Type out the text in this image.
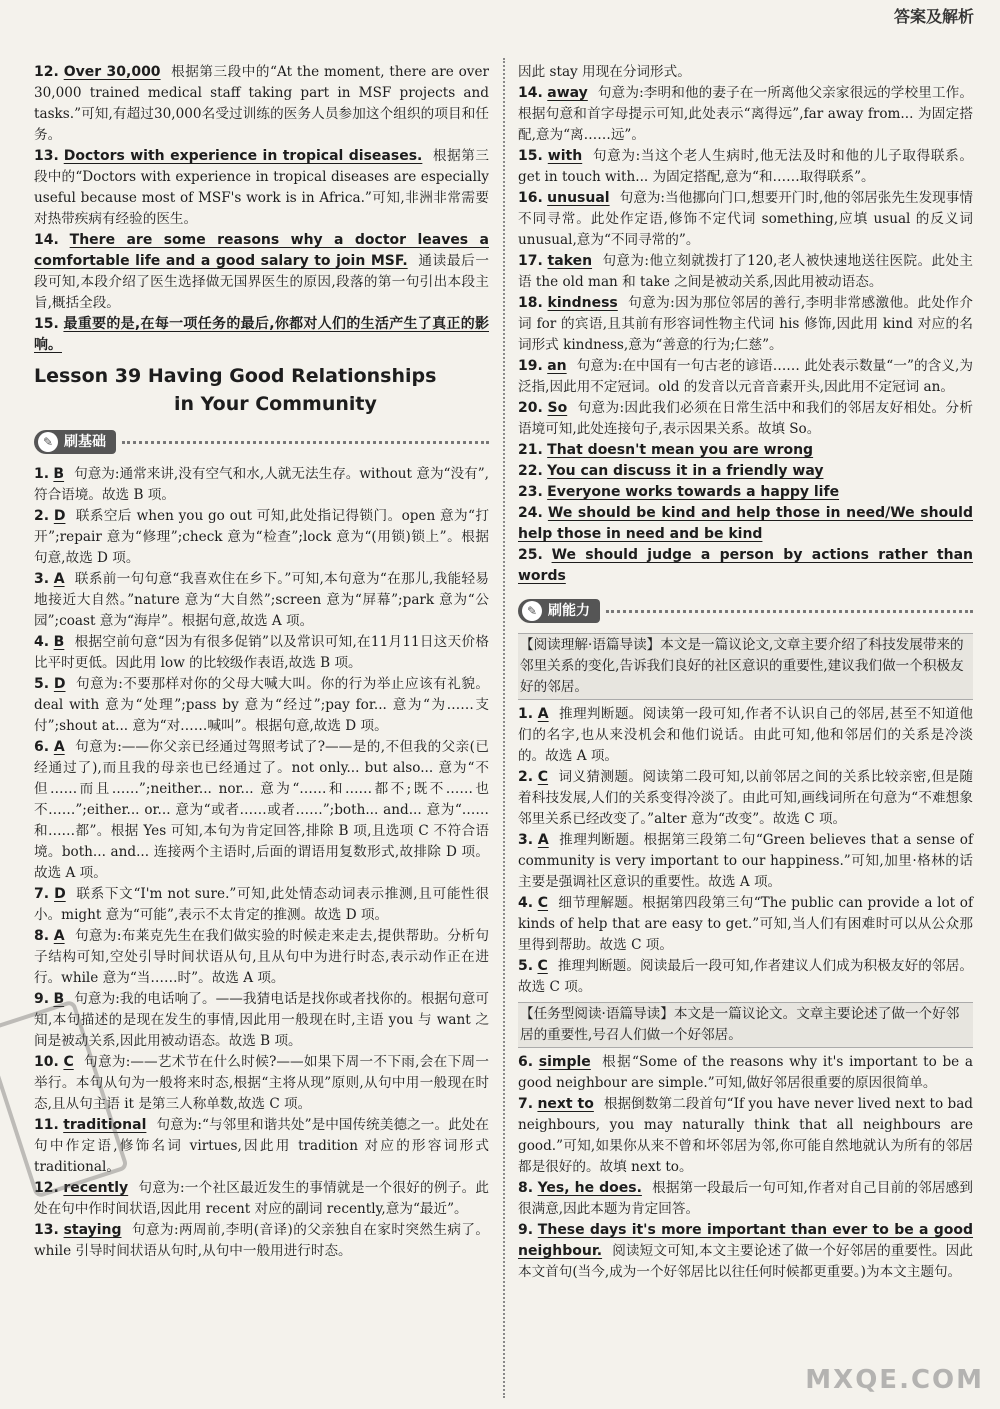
答案及解析
12. Over 30,000 根据第三段中的“At the moment, there are over 30,000 trained medical staff taking part in MSF projects and tasks.”可知,有超过30,000名受过训练的医务人员参加这个组织的项目和任务。
13. Doctors with experience in tropical diseases. 根据第三段中的“Doctors with experience in tropical diseases are especially useful because most of MSF's work is in Africa.”可知,非洲非常需要对热带疾病有经验的医生。
14. There are some reasons why a doctor leaves a comfortable life and a good salary to join MSF. 通读最后一段可知,本段介绍了医生选择做无国界医生的原因,段落的第一句引出本段主旨,概括全段。
15. 最重要的是,在每一项任务的最后,你都对人们的生活产生了真正的影响。
Lesson 39 Having Good Relationships
in Your Community
✎ 刷基础
1. B 句意为:通常来讲,没有空气和水,人就无法生存。without 意为“没有”,符合语境。故选 B 项。
2. D 联系空后 when you go out 可知,此处指记得锁门。open 意为“打开”;repair 意为“修理”;check 意为“检查”;lock 意为“(用锁)锁上”。根据句意,故选 D 项。
3. A 联系前一句句意“我喜欢住在乡下。”可知,本句意为“在那儿,我能轻易地接近大自然。”nature 意为“大自然”;screen 意为“屏幕”;park 意为“公园”;coast 意为“海岸”。根据句意,故选 A 项。
4. B 根据空前句意“因为有很多促销”以及常识可知,在11月11日这天价格比平时更低。因此用 low 的比较级作表语,故选 B 项。
5. D 句意为:不要那样对你的父母大喊大叫。你的行为举止应该有礼貌。deal with 意为“处理”;pass by 意为“经过”;pay for... 意为“为……支付”;shout at... 意为“对……喊叫”。根据句意,故选 D 项。
6. A 句意为:——你父亲已经通过驾照考试了?——是的,不但我的父亲(已经通过了),而且我的母亲也已经通过了。not only... but also... 意为“不但……而且……”;neither... nor... 意为“……和……都不;既不……也不……”;either... or... 意为“或者……或者……”;both... and... 意为“……和……都”。根据 Yes 可知,本句为肯定回答,排除 B 项,且选项 C 不符合语境。both... and... 连接两个主语时,后面的谓语用复数形式,故排除 D 项。故选 A 项。
7. D 联系下文“I'm not sure.”可知,此处情态动词表示推测,且可能性很小。might 意为“可能”,表示不太肯定的推测。故选 D 项。
8. A 句意为:布莱克先生在我们做实验的时候走来走去,提供帮助。分析句子结构可知,空处引导时间状语从句,且从句中为进行时态,表示动作正在进行。while 意为“当……时”。故选 A 项。
9. B 句意为:我的电话响了。——我猜电话是找你或者找你的。根据句意可知,本句描述的是现在发生的事情,因此用一般现在时,主语 you 与 want 之间是被动关系,因此用被动语态。故选 B 项。
10. C 句意为:——艺术节在什么时候?——如果下周一不下雨,会在下周一举行。本句从句为一般将来时态,根据“主将从现”原则,从句中用一般现在时态,且从句主语 it 是第三人称单数,故选 C 项。
11. traditional 句意为:“与邻里和谐共处”是中国传统美德之一。此处在句中作定语,修饰名词 virtues,因此用 tradition 对应的形容词形式 traditional。
12. recently 句意为:一个社区最近发生的事情就是一个很好的例子。此处在句中作时间状语,因此用 recent 对应的副词 recently,意为“最近”。
13. staying 句意为:两周前,李明(音译)的父亲独自在家时突然生病了。while 引导时间状语从句时,从句中一般用进行时态。
因此 stay 用现在分词形式。
14. away 句意为:李明和他的妻子在一所离他父亲家很远的学校里工作。根据句意和首字母提示可知,此处表示“离得远”,far away from... 为固定搭配,意为“离……远”。
15. with 句意为:当这个老人生病时,他无法及时和他的儿子取得联系。get in touch with... 为固定搭配,意为“和……取得联系”。
16. unusual 句意为:当他挪向门口,想要开门时,他的邻居张先生发现事情不同寻常。此处作定语,修饰不定代词 something,应填 usual 的反义词 unusual,意为“不同寻常的”。
17. taken 句意为:他立刻就拨打了120,老人被快速地送往医院。此处主语 the old man 和 take 之间是被动关系,因此用被动语态。
18. kindness 句意为:因为那位邻居的善行,李明非常感激他。此处作介词 for 的宾语,且其前有形容词性物主代词 his 修饰,因此用 kind 对应的名词形式 kindness,意为“善意的行为;仁慈”。
19. an 句意为:在中国有一句古老的谚语…… 此处表示数量“一”的含义,为泛指,因此用不定冠词。old 的发音以元音音素开头,因此用不定冠词 an。
20. So 句意为:因此我们必须在日常生活中和我们的邻居友好相处。分析语境可知,此处连接句子,表示因果关系。故填 So。
21. That doesn't mean you are wrong
22. You can discuss it in a friendly way
23. Everyone works towards a happy life
24. We should be kind and help those in need/We should help those in need and be kind
25. We should judge a person by actions rather than words
✎ 刷能力
【阅读理解·语篇导读】本文是一篇议论文,文章主要介绍了科技发展带来的邻里关系的变化,告诉我们良好的社区意识的重要性,建议我们做一个积极友好的邻居。
1. A 推理判断题。阅读第一段可知,作者不认识自己的邻居,甚至不知道他们的名字,也从来没机会和他们说话。由此可知,他和邻居们的关系是冷淡的。故选 A 项。
2. C 词义猜测题。阅读第二段可知,以前邻居之间的关系比较亲密,但是随着科技发展,人们的关系变得冷淡了。由此可知,画线词所在句意为“不难想象邻里关系已经改变了。”alter 意为“改变”。故选 C 项。
3. A 推理判断题。根据第三段第二句“Green believes that a sense of community is very important to our happiness.”可知,加里·格林的话主要是强调社区意识的重要性。故选 A 项。
4. C 细节理解题。根据第四段第三句“The public can provide a lot of kinds of help that are easy to get.”可知,当人们有困难时可以从公众那里得到帮助。故选 C 项。
5. C 推理判断题。阅读最后一段可知,作者建议人们成为积极友好的邻居。故选 C 项。
【任务型阅读·语篇导读】本文是一篇议论文。文章主要论述了做一个好邻居的重要性,号召人们做一个好邻居。
6. simple 根据“Some of the reasons why it's important to be a good neighbour are simple.”可知,做好邻居很重要的原因很简单。
7. next to 根据倒数第二段首句“If you have never lived next to bad neighbours, you may naturally think that all neighbours are good.”可知,如果你从来不曾和坏邻居为邻,你可能自然地就认为所有的邻居都是很好的。故填 next to。
8. Yes, he does. 根据第一段最后一句可知,作者对自己目前的邻居感到很满意,因此本题为肯定回答。
9. These days it's more important than ever to be a good neighbour. 阅读短文可知,本文主要论述了做一个好邻居的重要性。因此本文首句(当今,成为一个好邻居比以往任何时候都更重要。)为本文主题句。
MXQE.COM
